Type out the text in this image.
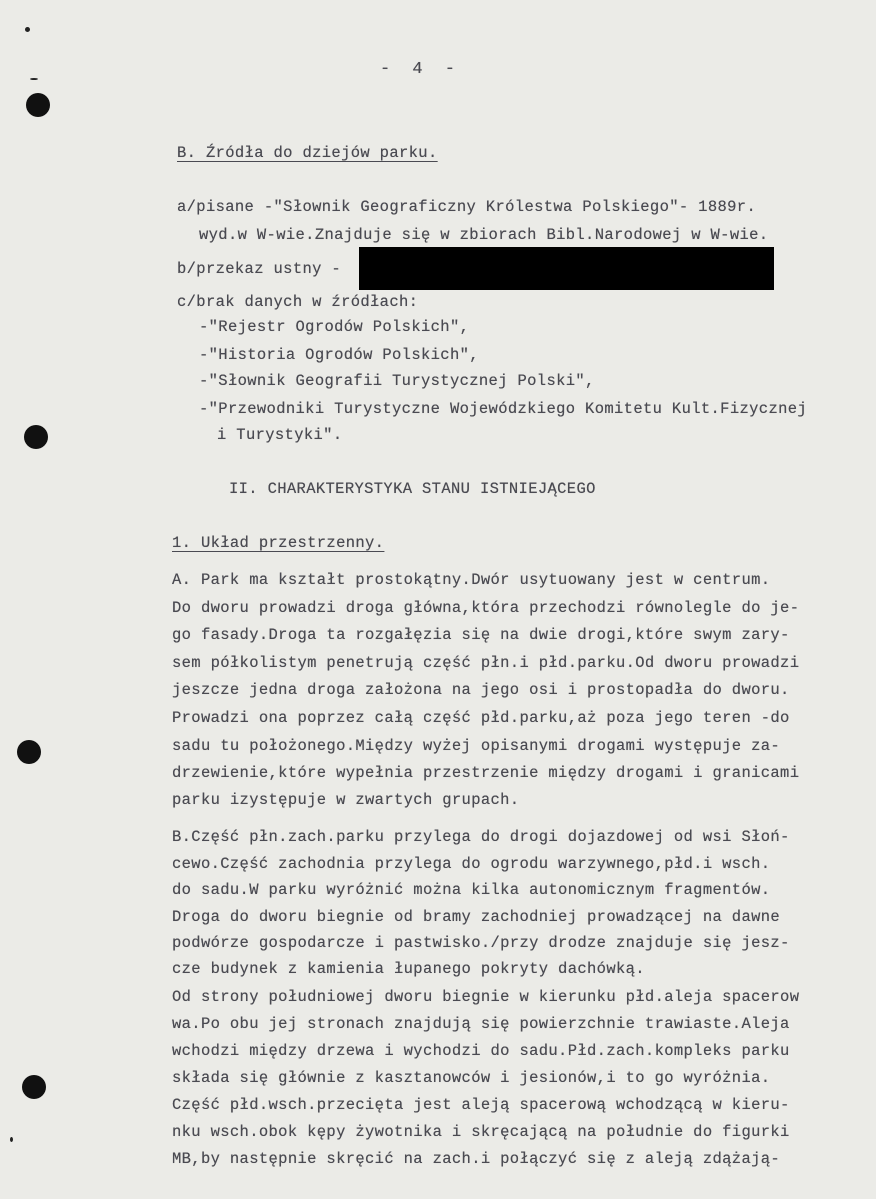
- 4 -
B. Źródła do dziejów parku.
a/pisane -"Słownik Geograficzny Królestwa Polskiego"- 1889r.
wyd.w W-wie.Znajduje się w zbiorach Bibl.Narodowej w W-wie.
b/przekaz ustny -
c/brak danych w źródłach:
-"Rejestr Ogrodów Polskich",
-"Historia Ogrodów Polskich",
-"Słownik Geografii Turystycznej Polski",
-"Przewodniki Turystyczne Wojewódzkiego Komitetu Kult.Fizycznej
i Turystyki".
II. CHARAKTERYSTYKA STANU ISTNIEJĄCEGO
1. Układ przestrzenny.
A. Park ma kształt prostokątny.Dwór usytuowany jest w centrum.
Do dworu prowadzi droga główna,która przechodzi równolegle do je-
go fasady.Droga ta rozgałęzia się na dwie drogi,które swym zary-
sem półkolistym penetrują część płn.i płd.parku.Od dworu prowadzi
jeszcze jedna droga założona na jego osi i prostopadła do dworu.
Prowadzi ona poprzez całą część płd.parku,aż poza jego teren -do
sadu tu położonego.Między wyżej opisanymi drogami występuje za-
drzewienie,które wypełnia przestrzenie między drogami i granicami
parku izystępuje w zwartych grupach.
B.Część płn.zach.parku przylega do drogi dojazdowej od wsi Słoń-
cewo.Część zachodnia przylega do ogrodu warzywnego,płd.i wsch.
do sadu.W parku wyróżnić można kilka autonomicznym fragmentów.
Droga do dworu biegnie od bramy zachodniej prowadzącej na dawne
podwórze gospodarcze i pastwisko./przy drodze znajduje się jesz-
cze budynek z kamienia łupanego pokryty dachówką.
Od strony południowej dworu biegnie w kierunku płd.aleja spacerow
wa.Po obu jej stronach znajdują się powierzchnie trawiaste.Aleja
wchodzi między drzewa i wychodzi do sadu.Płd.zach.kompleks parku
składa się głównie z kasztanowców i jesionów,i to go wyróżnia.
Część płd.wsch.przecięta jest aleją spacerową wchodzącą w kieru-
nku wsch.obok kępy żywotnika i skręcającą na południe do figurki
MB,by następnie skręcić na zach.i połączyć się z aleją zdążają-
